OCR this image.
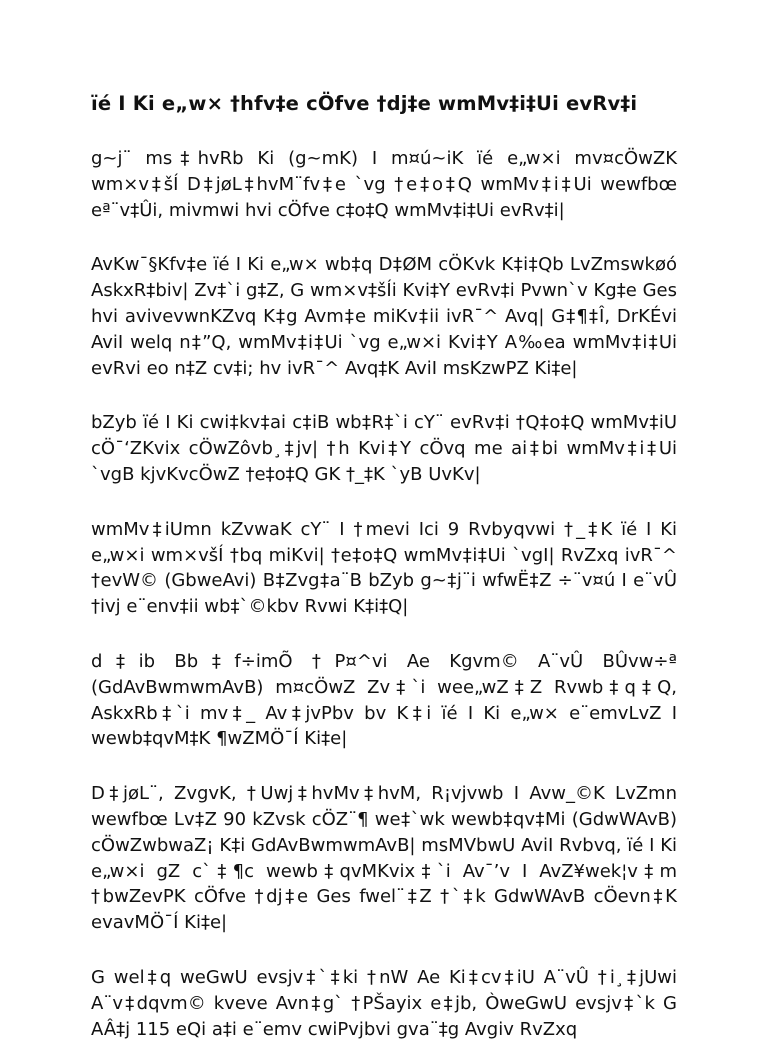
ïé I Ki e„w× †hfv‡e cÖfve †dj‡e wmMv‡i‡Ui evRv‡i

g~j¨ ms‡hvRb Ki (g~mK) I m¤ú~iK ïé e„w×i mv¤cÖwZK wm×v‡šÍ D‡jøL‡hvM¨fv‡e `vg †e‡o‡Q wmMv‡i‡Ui wewfbœ eª¨v‡Ûi, mivmwi hvi cÖfve c‡o‡Q wmMv‡i‡Ui evRv‡i|

AvKw¯§Kfv‡e ïé I Ki e„w× wb‡q D‡ØM cÖKvk K‡i‡Qb LvZmswkøó AskxR‡biv| Zv‡`i g‡Z, G wm×v‡šÍi Kvi‡Y evRv‡i Pvwn`v Kg‡e Ges hvi avivevwnKZvq K‡g Avm‡e miKv‡ii ivR¯^ Avq| G‡¶‡Î, DrKÉvi AviI welq n‡”Q, wmMv‡i‡Ui `vg e„w×i Kvi‡Y A‰ea wmMv‡i‡Ui evRvi eo n‡Z cv‡i; hv ivR¯^ Avq‡K AviI msKzwPZ Ki‡e|

bZyb ïé I Ki cwi‡kv‡ai c‡iB wb‡R‡`i cY¨ evRv‡i †Q‡o‡Q wmMv‡iU cÖ¯‘ZKvix cÖwZôvb¸‡jv| †h Kvi‡Y cÖvq me ai‡bi wmMv‡i‡Ui `vgB kjvKvcÖwZ †e‡o‡Q GK †_‡K `yB UvKv|

wmMv‡iUmn kZvwaK cY¨ I †mevi Ici 9 Rvbyqvwi †_‡K ïé I Ki e„w×i wm×všÍ †bq miKvi| †e‡o‡Q wmMv‡i‡Ui `vgI| RvZxq ivR¯^ †evW© (GbweAvi) B‡Zvg‡a¨B bZyb g~‡j¨i wfwË‡Z ÷¨v¤ú I e¨vÛ †ivj e¨env‡ii wb‡`©kbv Rvwi K‡i‡Q|

d‡ib Bb‡f÷imÕ †P¤^vi Ae Kgvm© A¨vÛ BÛvw÷ª (GdAvBwmwmAvB) m¤cÖwZ Zv‡`i wee„wZ‡Z Rvwb‡q‡Q, AskxRb‡`i mv‡_ Av‡jvPbv bv K‡i ïé I Ki e„w× e¨emvLvZ I wewb‡qvM‡K ¶wZMÖ¯Í Ki‡e|

D‡jøL¨, ZvgvK, †Uwj‡hvMv‡hvM, R¡vjvwb I Avw_©K LvZmn wewfbœ Lv‡Z 90 kZvsk cÖZ¨¶ we‡`wk wewb‡qv‡Mi (GdwWAvB) cÖwZwbwaZ¡ K‡i GdAvBwmwmAvB| msMVbwU AviI Rvbvq, ïé I Ki e„w×i gZ c`‡¶c wewb‡qvMKvix‡`i Av¯’v I AvZ¥wek¦v‡m †bwZevPK cÖfve †dj‡e Ges fwel¨‡Z †`‡k GdwWAvB cÖevn‡K evavMÖ¯Í Ki‡e|

G wel‡q weGwU evsjv‡`‡ki †nW Ae Ki‡cv‡iU A¨vÛ †i¸‡jUwi A¨v‡dqvm© kveve Avn‡g` †PŠayix e‡jb, ÒweGwU evsjv‡`k G AÂ‡j 115 eQi a‡i e¨emv cwiPvjbvi gva¨‡g Avgiv RvZxq
